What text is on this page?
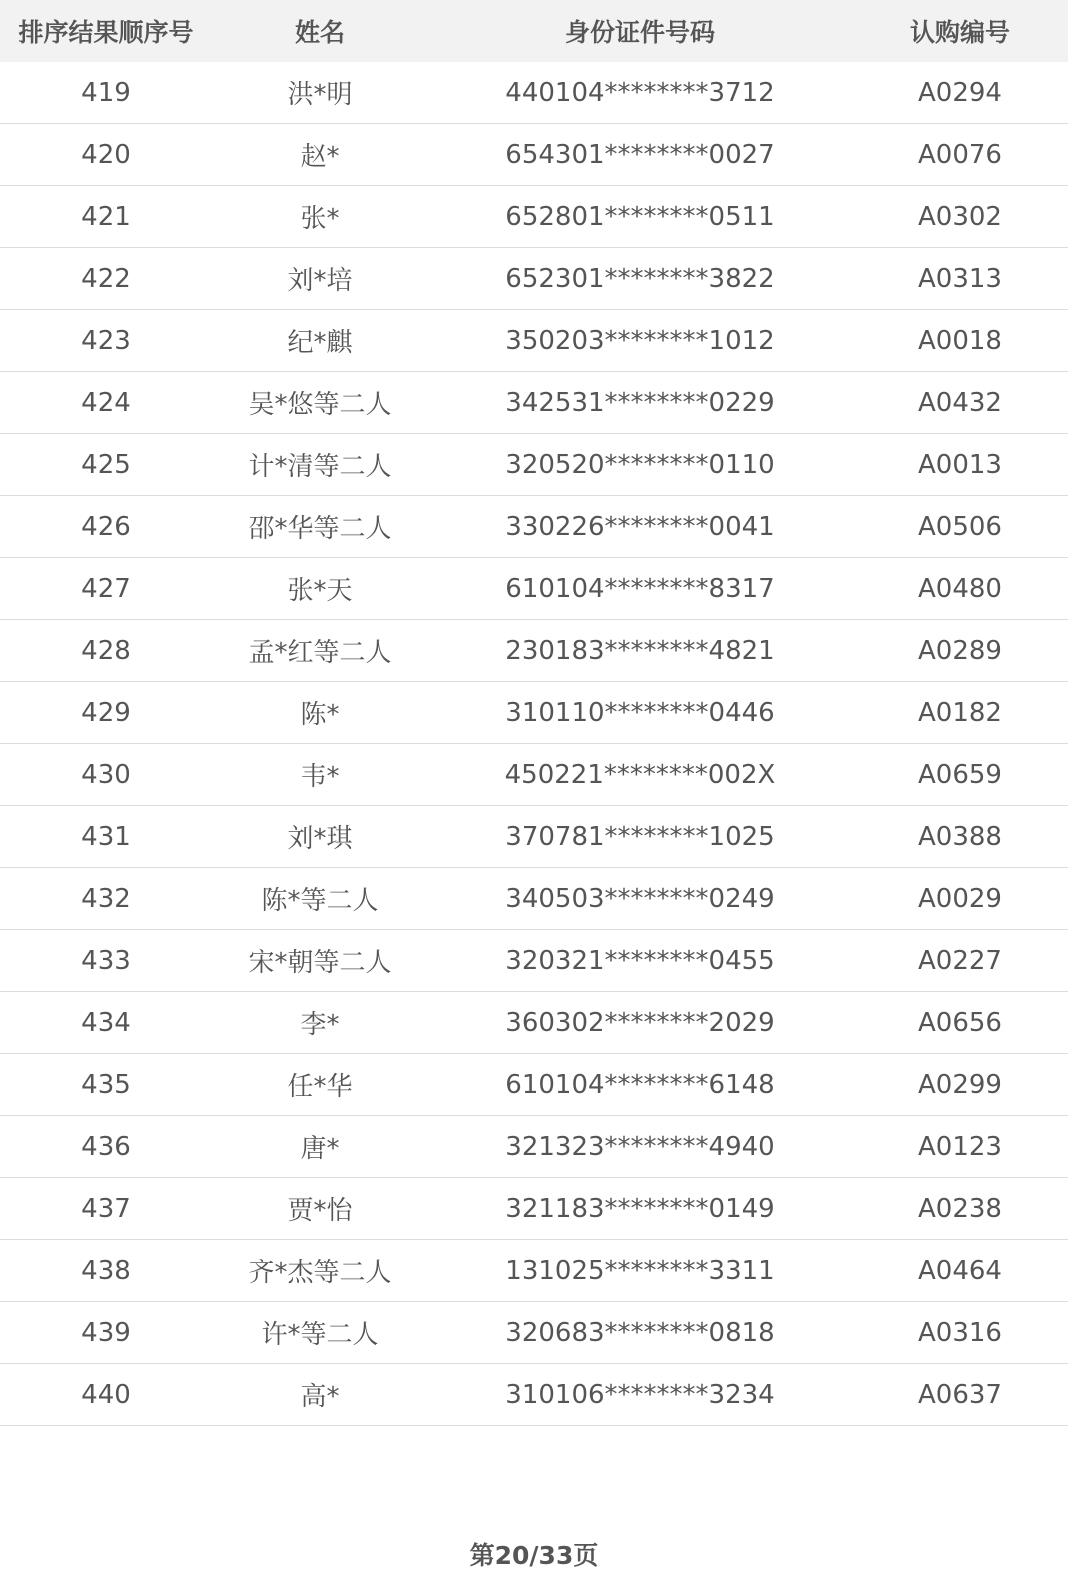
排序结果顺序号	姓名	身份证件号码	认购编号
419	洪*明	440104********3712	A0294
420	赵*	654301********0027	A0076
421	张*	652801********0511	A0302
422	刘*培	652301********3822	A0313
423	纪*麒	350203********1012	A0018
424	吴*悠等二人	342531********0229	A0432
425	计*清等二人	320520********0110	A0013
426	邵*华等二人	330226********0041	A0506
427	张*天	610104********8317	A0480
428	孟*红等二人	230183********4821	A0289
429	陈*	310110********0446	A0182
430	韦*	450221********002X	A0659
431	刘*琪	370781********1025	A0388
432	陈*等二人	340503********0249	A0029
433	宋*朝等二人	320321********0455	A0227
434	李*	360302********2029	A0656
435	任*华	610104********6148	A0299
436	唐*	321323********4940	A0123
437	贾*怡	321183********0149	A0238
438	齐*杰等二人	131025********3311	A0464
439	许*等二人	320683********0818	A0316
440	高*	310106********3234	A0637
第20/33页
